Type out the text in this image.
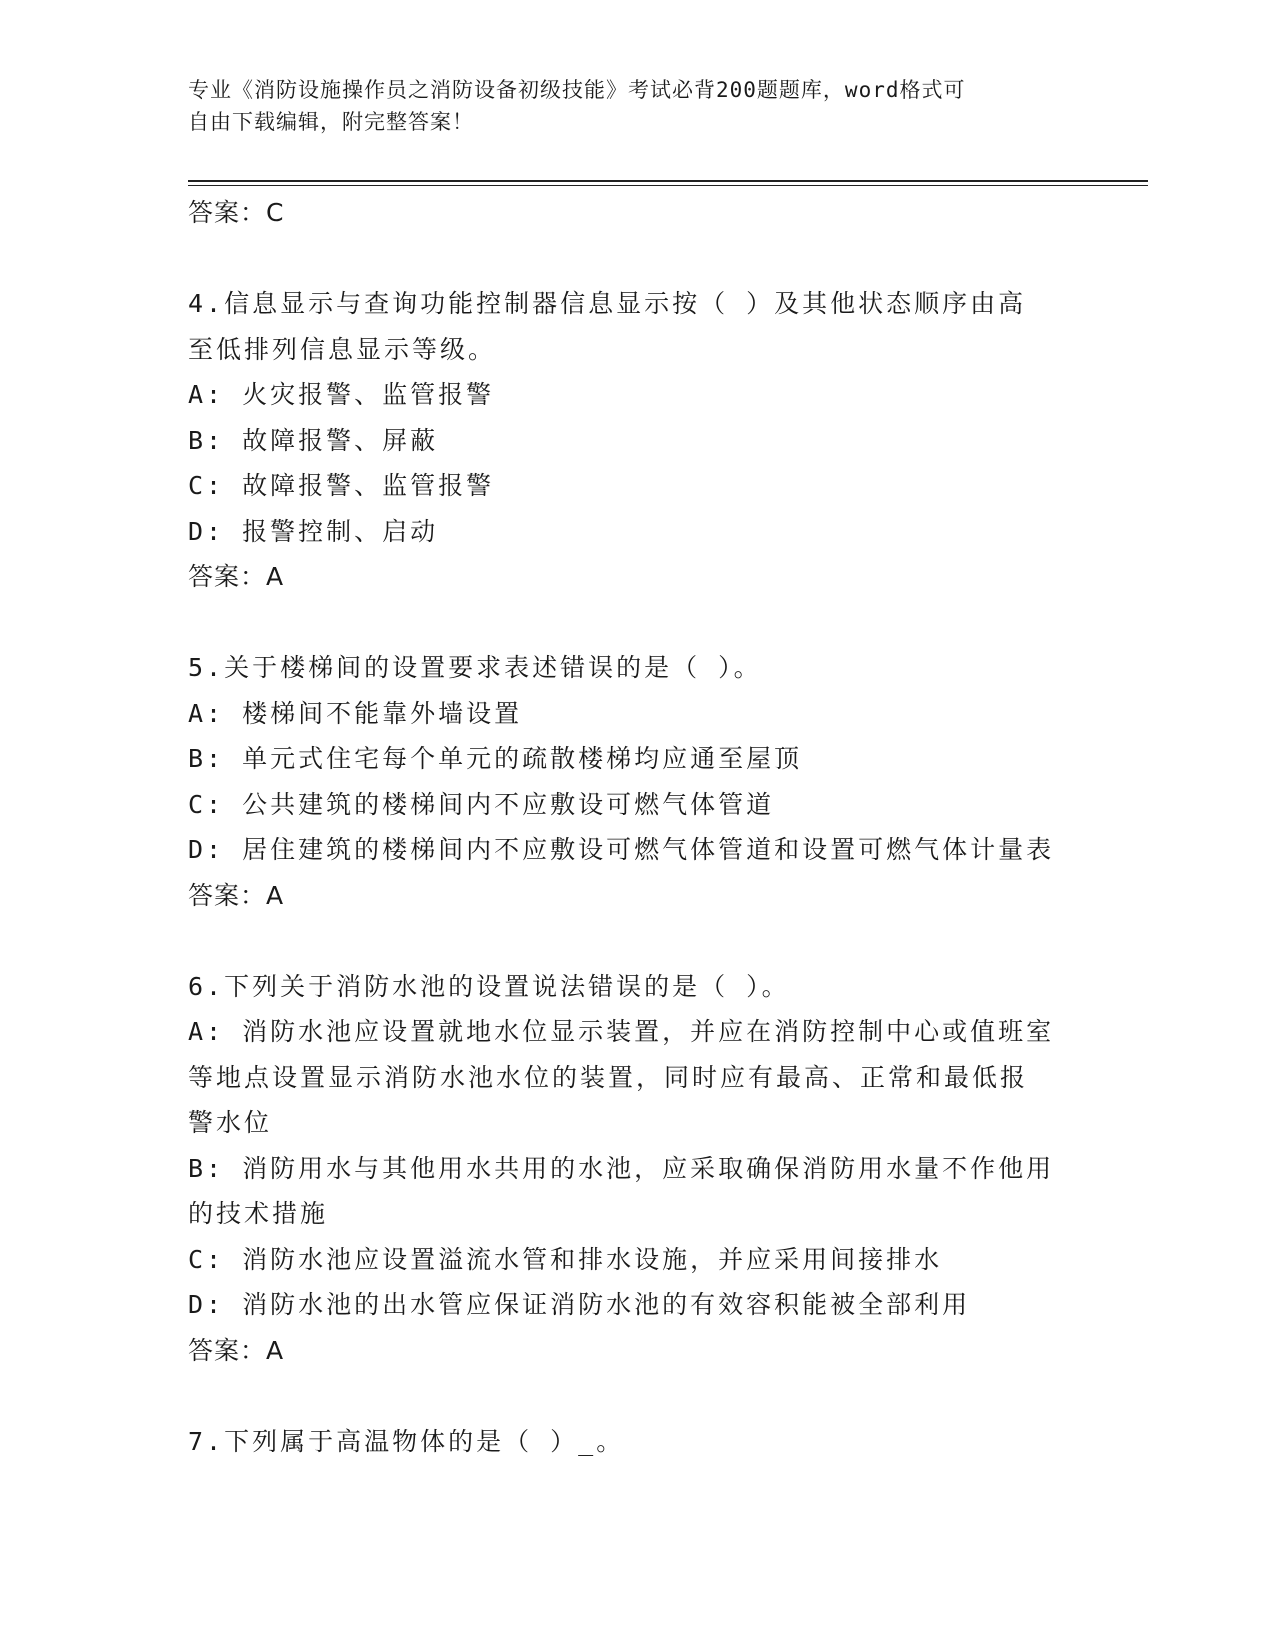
专业《消防设施操作员之消防设备初级技能》考试必背200题题库，word格式可
自由下载编辑，附完整答案！
答案：C
4.信息显示与查询功能控制器信息显示按（ ）及其他状态顺序由高
至低排列信息显示等级。
A: 火灾报警、监管报警
B: 故障报警、屏蔽
C: 故障报警、监管报警
D: 报警控制、启动
答案：A
5.关于楼梯间的设置要求表述错误的是（ ）。
A: 楼梯间不能靠外墙设置
B: 单元式住宅每个单元的疏散楼梯均应通至屋顶
C: 公共建筑的楼梯间内不应敷设可燃气体管道
D: 居住建筑的楼梯间内不应敷设可燃气体管道和设置可燃气体计量表
答案：A
6.下列关于消防水池的设置说法错误的是（ ）。
A: 消防水池应设置就地水位显示装置，并应在消防控制中心或值班室
等地点设置显示消防水池水位的装置，同时应有最高、正常和最低报
警水位
B: 消防用水与其他用水共用的水池，应采取确保消防用水量不作他用
的技术措施
C: 消防水池应设置溢流水管和排水设施，并应采用间接排水
D: 消防水池的出水管应保证消防水池的有效容积能被全部利用
答案：A
7.下列属于高温物体的是（ ）_。
